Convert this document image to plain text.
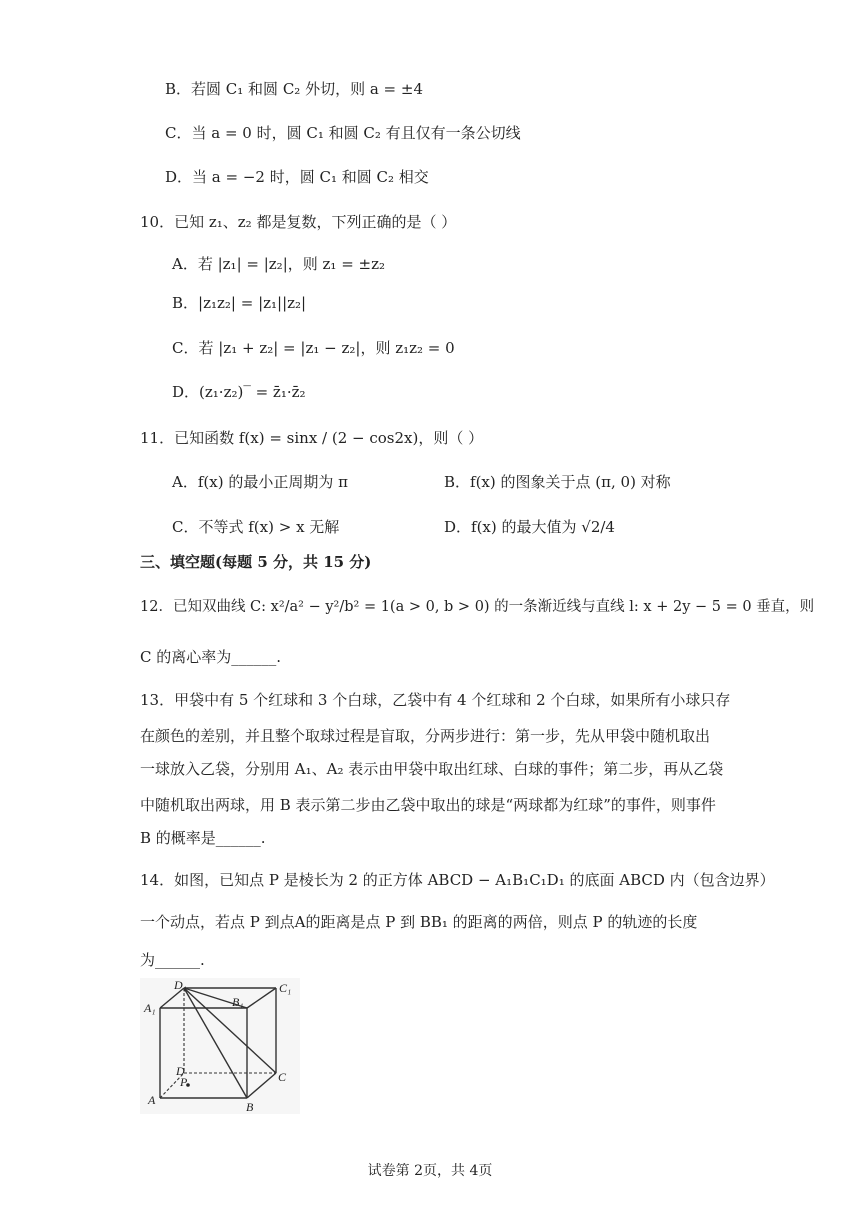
B．若圆 C₁ 和圆 C₂ 外切，则 a = ±4
C．当 a = 0 时，圆 C₁ 和圆 C₂ 有且仅有一条公切线
D．当 a = −2 时，圆 C₁ 和圆 C₂ 相交
10．已知 z₁、z₂ 都是复数，下列正确的是（ ）
A．若 |z₁| = |z₂|，则 z₁ = ±z₂
B．|z₁z₂| = |z₁||z₂|
C．若 |z₁ + z₂| = |z₁ − z₂|，则 z₁z₂ = 0
D．(z₁·z₂)‾ = z̄₁·z̄₂
11．已知函数 f(x) = sinx / (2 − cos2x)，则（ ）
A．f(x) 的最小正周期为 π	B．f(x) 的图象关于点 (π, 0) 对称
C．不等式 f(x) > x 无解	D．f(x) 的最大值为 √2/4
三、填空题(每题 5 分，共 15 分)
12．已知双曲线 C: x²/a² − y²/b² = 1(a > 0, b > 0) 的一条渐近线与直线 l: x + 2y − 5 = 0 垂直，则
C 的离心率为______.
13．甲袋中有 5 个红球和 3 个白球，乙袋中有 4 个红球和 2 个白球，如果所有小球只存
在颜色的差别，并且整个取球过程是盲取，分两步进行：第一步，先从甲袋中随机取出
一球放入乙袋，分别用 A₁、A₂ 表示由甲袋中取出红球、白球的事件；第二步，再从乙袋
中随机取出两球，用 B 表示第二步由乙袋中取出的球是“两球都为红球”的事件，则事件
B 的概率是______.
14．如图，已知点 P 是棱长为 2 的正方体 ABCD − A₁B₁C₁D₁ 的底面 ABCD 内（包含边界）
一个动点，若点 P 到点A的距离是点 P 到 BB₁ 的距离的两倍，则点 P 的轨迹的长度
为______.
D₁	C₁
B₁
A₁
D	C
B
A
P
试卷第 2页，共 4页
